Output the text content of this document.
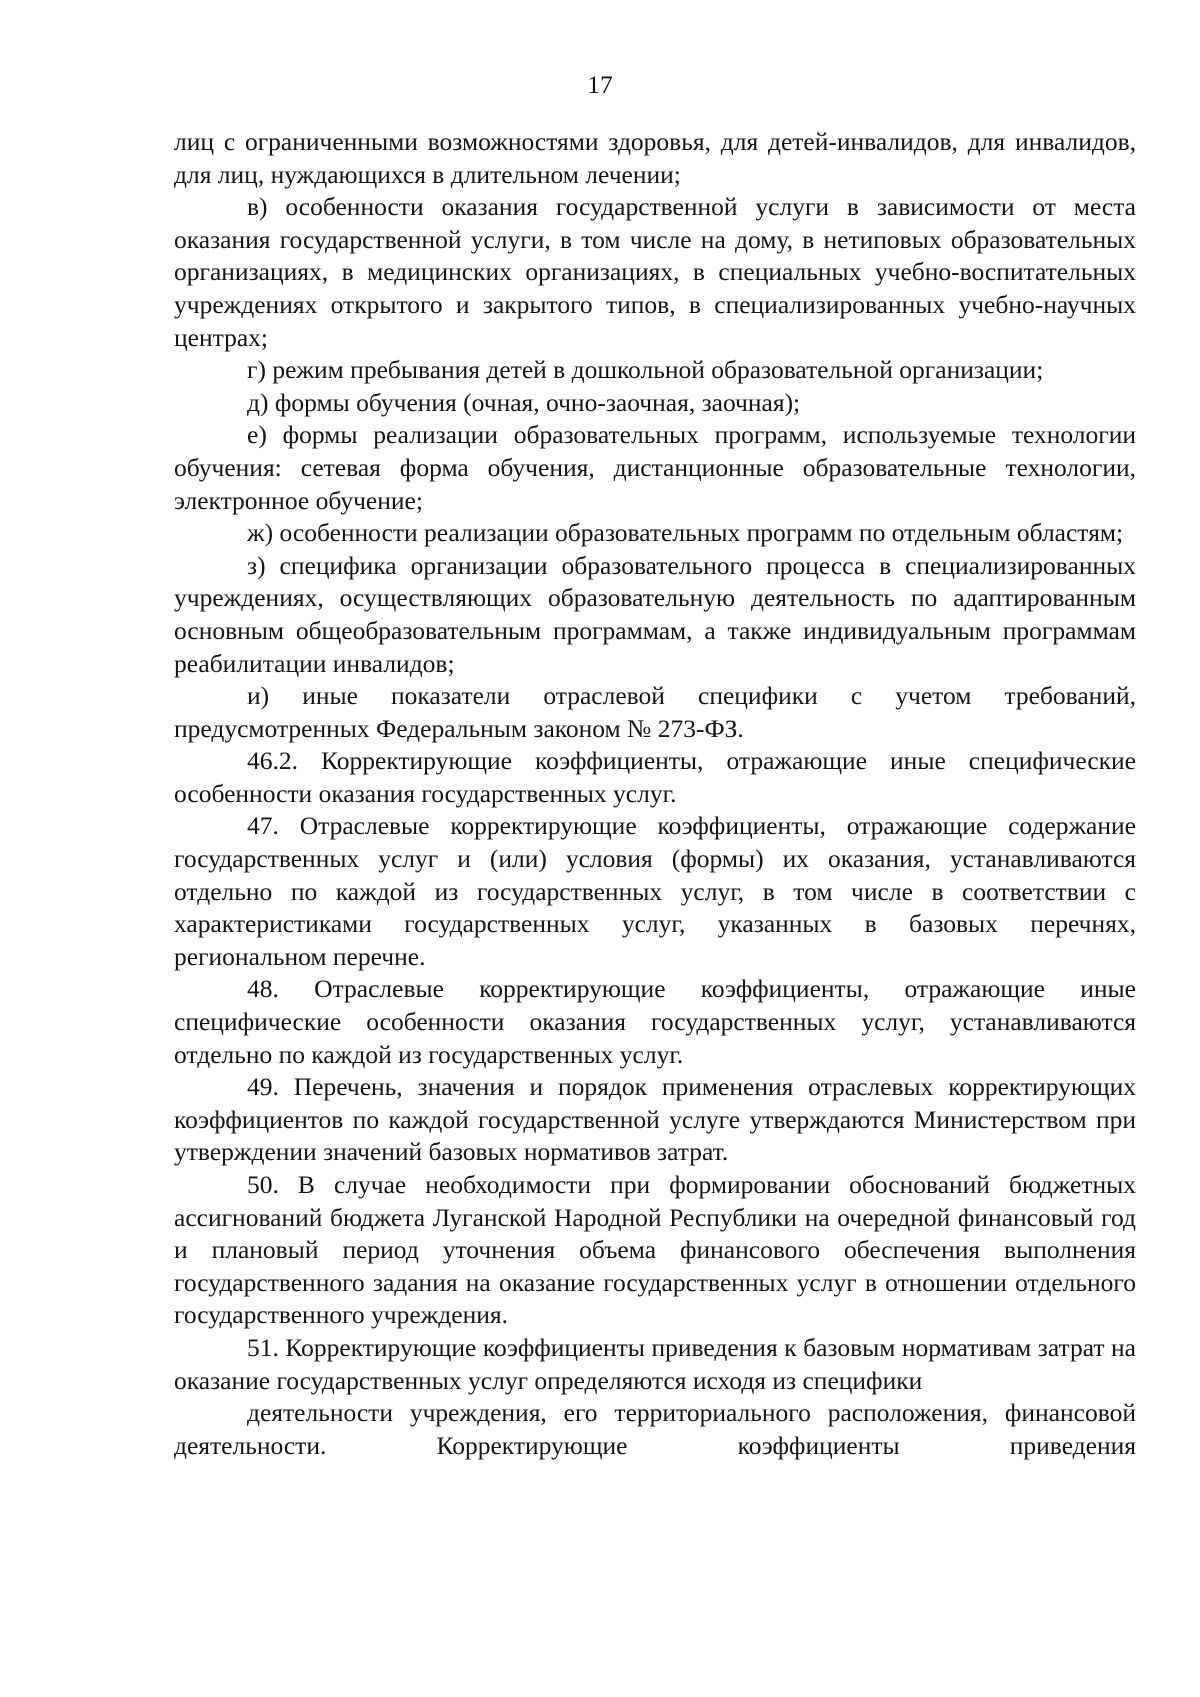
17

лиц с ограниченными возможностями здоровья, для детей-инвалидов, для инвалидов, для лиц, нуждающихся в длительном лечении;

в) особенности оказания государственной услуги в зависимости от места оказания государственной услуги, в том числе на дому, в нетиповых образовательных организациях, в медицинских организациях, в специальных учебно-воспитательных учреждениях открытого и закрытого типов, в специализированных учебно-научных центрах;

г) режим пребывания детей в дошкольной образовательной организации;

д) формы обучения (очная, очно-заочная, заочная);

е) формы реализации образовательных программ, используемые технологии обучения: сетевая форма обучения, дистанционные образовательные технологии, электронное обучение;

ж) особенности реализации образовательных программ по отдельным областям;

з) специфика организации образовательного процесса в специализированных учреждениях, осуществляющих образовательную деятельность по адаптированным основным общеобразовательным программам, а также индивидуальным программам реабилитации инвалидов;

и) иные показатели отраслевой специфики с учетом требований, предусмотренных Федеральным законом № 273-ФЗ.

46.2. Корректирующие коэффициенты, отражающие иные специфические особенности оказания государственных услуг.

47. Отраслевые корректирующие коэффициенты, отражающие содержание государственных услуг и (или) условия (формы) их оказания, устанавливаются отдельно по каждой из государственных услуг, в том числе в соответствии с характеристиками государственных услуг, указанных в базовых перечнях, региональном перечне.

48. Отраслевые корректирующие коэффициенты, отражающие иные специфические особенности оказания государственных услуг, устанавливаются отдельно по каждой из государственных услуг.

49. Перечень, значения и порядок применения отраслевых корректирующих коэффициентов по каждой государственной услуге утверждаются Министерством при утверждении значений базовых нормативов затрат.

50. В случае необходимости при формировании обоснований бюджетных ассигнований бюджета Луганской Народной Республики на очередной финансовый год и плановый период уточнения объема финансового обеспечения выполнения государственного задания на оказание государственных услуг в отношении отдельного государственного учреждения.

51. Корректирующие коэффициенты приведения к базовым нормативам затрат на оказание государственных услуг определяются исходя из специфики

деятельности учреждения, его территориального расположения, финансовой деятельности. Корректирующие коэффициенты приведения
